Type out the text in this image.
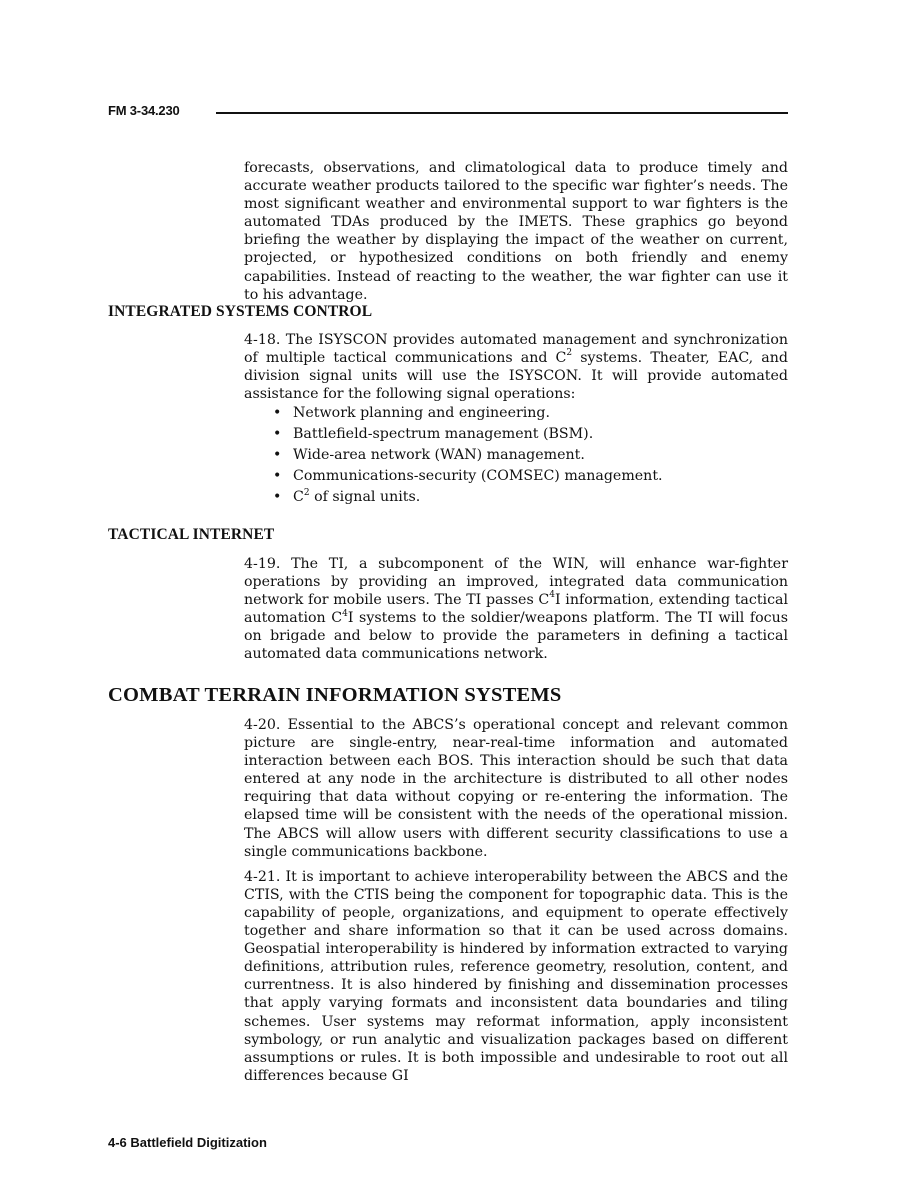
FM 3-34.230

forecasts, observations, and climatological data to produce timely and accurate weather products tailored to the specific war fighter’s needs. The most significant weather and environmental support to war fighters is the automated TDAs produced by the IMETS. These graphics go beyond briefing the weather by displaying the impact of the weather on current, projected, or hypothesized conditions on both friendly and enemy capabilities. Instead of reacting to the weather, the war fighter can use it to his advantage.

INTEGRATED SYSTEMS CONTROL

4-18. The ISYSCON provides automated management and synchronization of multiple tactical communications and $C^2$ systems. Theater, EAC, and division signal units will use the ISYSCON. It will provide automated assistance for the following signal operations:

• Network planning and engineering.
• Battlefield-spectrum management (BSM).
• Wide-area network (WAN) management.
• Communications-security (COMSEC) management.
• $C^2$ of signal units.
TACTICAL INTERNET

4-19. The TI, a subcomponent of the WIN, will enhance war-fighter operations by providing an improved, integrated data communication network for mobile users. The TI passes $C^4I$ information, extending tactical automation $C^4I$ systems to the soldier/weapons platform. The TI will focus on brigade and below to provide the parameters in defining a tactical automated data communications network.

COMBAT TERRAIN INFORMATION SYSTEMS

4-20. Essential to the ABCS’s operational concept and relevant common picture are single-entry, near-real-time information and automated interaction between each BOS. This interaction should be such that data entered at any node in the architecture is distributed to all other nodes requiring that data without copying or re-entering the information. The elapsed time will be consistent with the needs of the operational mission. The ABCS will allow users with different security classifications to use a single communications backbone.

4-21. It is important to achieve interoperability between the ABCS and the CTIS, with the CTIS being the component for topographic data. This is the capability of people, organizations, and equipment to operate effectively together and share information so that it can be used across domains. Geospatial interoperability is hindered by information extracted to varying definitions, attribution rules, reference geometry, resolution, content, and currentness. It is also hindered by finishing and dissemination processes that apply varying formats and inconsistent data boundaries and tiling schemes. User systems may reformat information, apply inconsistent symbology, or run analytic and visualization packages based on different assumptions or rules. It is both impossible and undesirable to root out all differences because GI

4-6 Battlefield Digitization
